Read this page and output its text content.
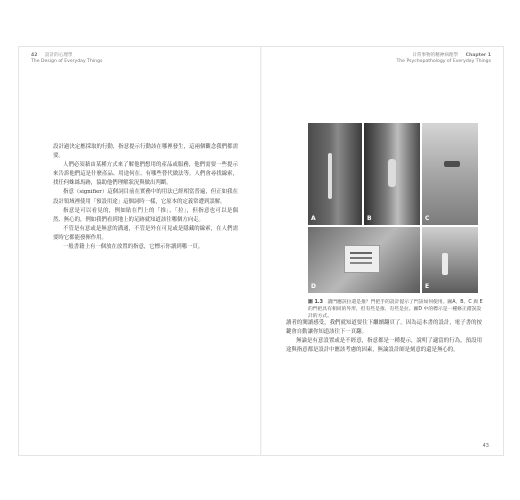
42 設計的心理學
The Design of Everyday Things

設計過決定應採取的行動，指意提示行動該在哪裡發生，這兩個觀念我們都需要。

人們必須藉由某種方式來了解他們想用的產品或服務，他們需要一些提示來告訴他們這是什麼產品、用途何在、有哪些替代做法等。人們會尋找線索，找任何蛛絲馬跡，協助他們理解狀況與做出判斷。

指意（signifier）這個詞目前在實務中的用法已經相當普遍，但正如我在設計領域裡使用「預設用途」這個詞時一樣，它原本的定義常遭到誤解。

指意是可以看見的，例如貼在門上的「推」、「拉」，但指意也可以是偶然、無心的，例如我們看到地上的足跡就知道該往哪個方向走。

不管是有意或是無意的溝通，不管是外在可見或是隱藏的線索，在人們需要時它都能發揮作用。

一般書籍上有一個放在放置的指意，它標示你讀到哪一頁。

日常事物的精神病理學 Chapter 1
The Psychopathology of Everyday Things
A	B	C
D	E
圖 1.3 讀門應該拉還是推？門把手的設計提示了門該如何使用。圖A、B、C 與 E 的門把具有相同的外形，但有些是推、有些是拉。圖D 中的標示是一種修正錯誤設計的方式。

讀者的閱讀感受，我們就知道要往下繼續翻頁了。因為這本書的設計，電子書的按鍵會自動讓你知道該往下一頁翻。

無論是有意設置或是不經意，指意都是一種提示，說明了適當的行為，預設用途與指意都是設計中應該考慮的因素，無論設計師是刻意的還是無心的。

43
